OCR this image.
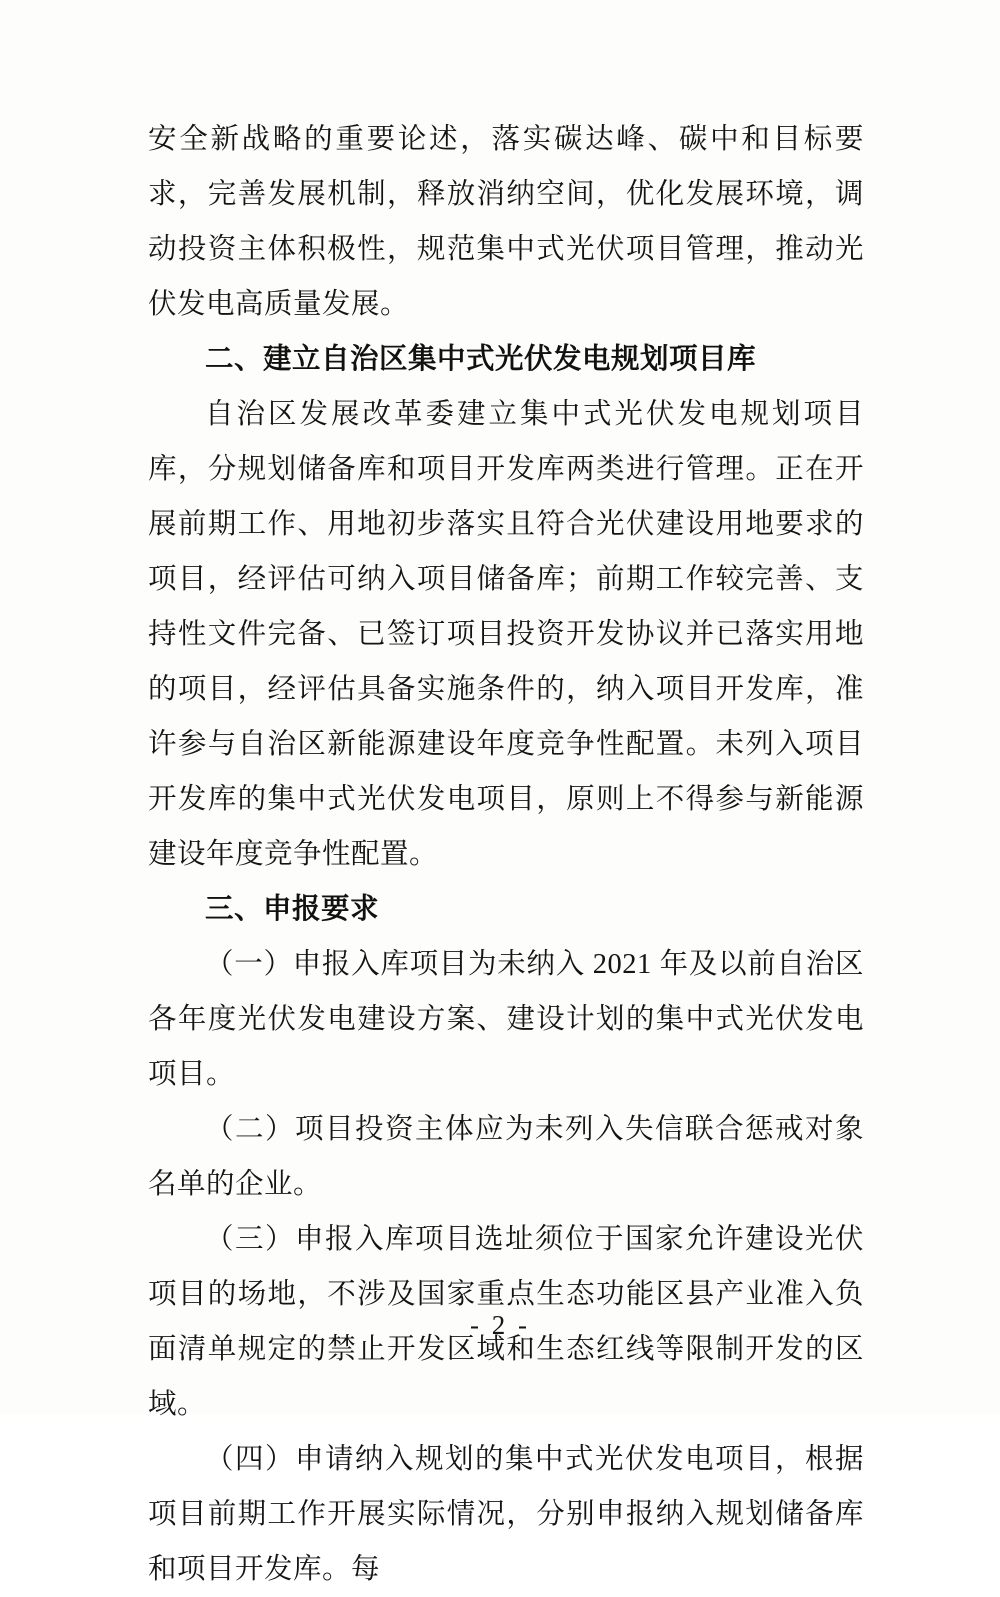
安全新战略的重要论述，落实碳达峰、碳中和目标要求，完善发展机制，释放消纳空间，优化发展环境，调动投资主体积极性，规范集中式光伏项目管理，推动光伏发电高质量发展。

二、建立自治区集中式光伏发电规划项目库

自治区发展改革委建立集中式光伏发电规划项目库，分规划储备库和项目开发库两类进行管理。正在开展前期工作、用地初步落实且符合光伏建设用地要求的项目，经评估可纳入项目储备库；前期工作较完善、支持性文件完备、已签订项目投资开发协议并已落实用地的项目，经评估具备实施条件的，纳入项目开发库，准许参与自治区新能源建设年度竞争性配置。未列入项目开发库的集中式光伏发电项目，原则上不得参与新能源建设年度竞争性配置。

三、申报要求

（一）申报入库项目为未纳入 2021 年及以前自治区各年度光伏发电建设方案、建设计划的集中式光伏发电项目。

（二）项目投资主体应为未列入失信联合惩戒对象名单的企业。

（三）申报入库项目选址须位于国家允许建设光伏项目的场地，不涉及国家重点生态功能区县产业准入负面清单规定的禁止开发区域和生态红线等限制开发的区域。

（四）申请纳入规划的集中式光伏发电项目，根据项目前期工作开展实际情况，分别申报纳入规划储备库和项目开发库。每

- 2 -
